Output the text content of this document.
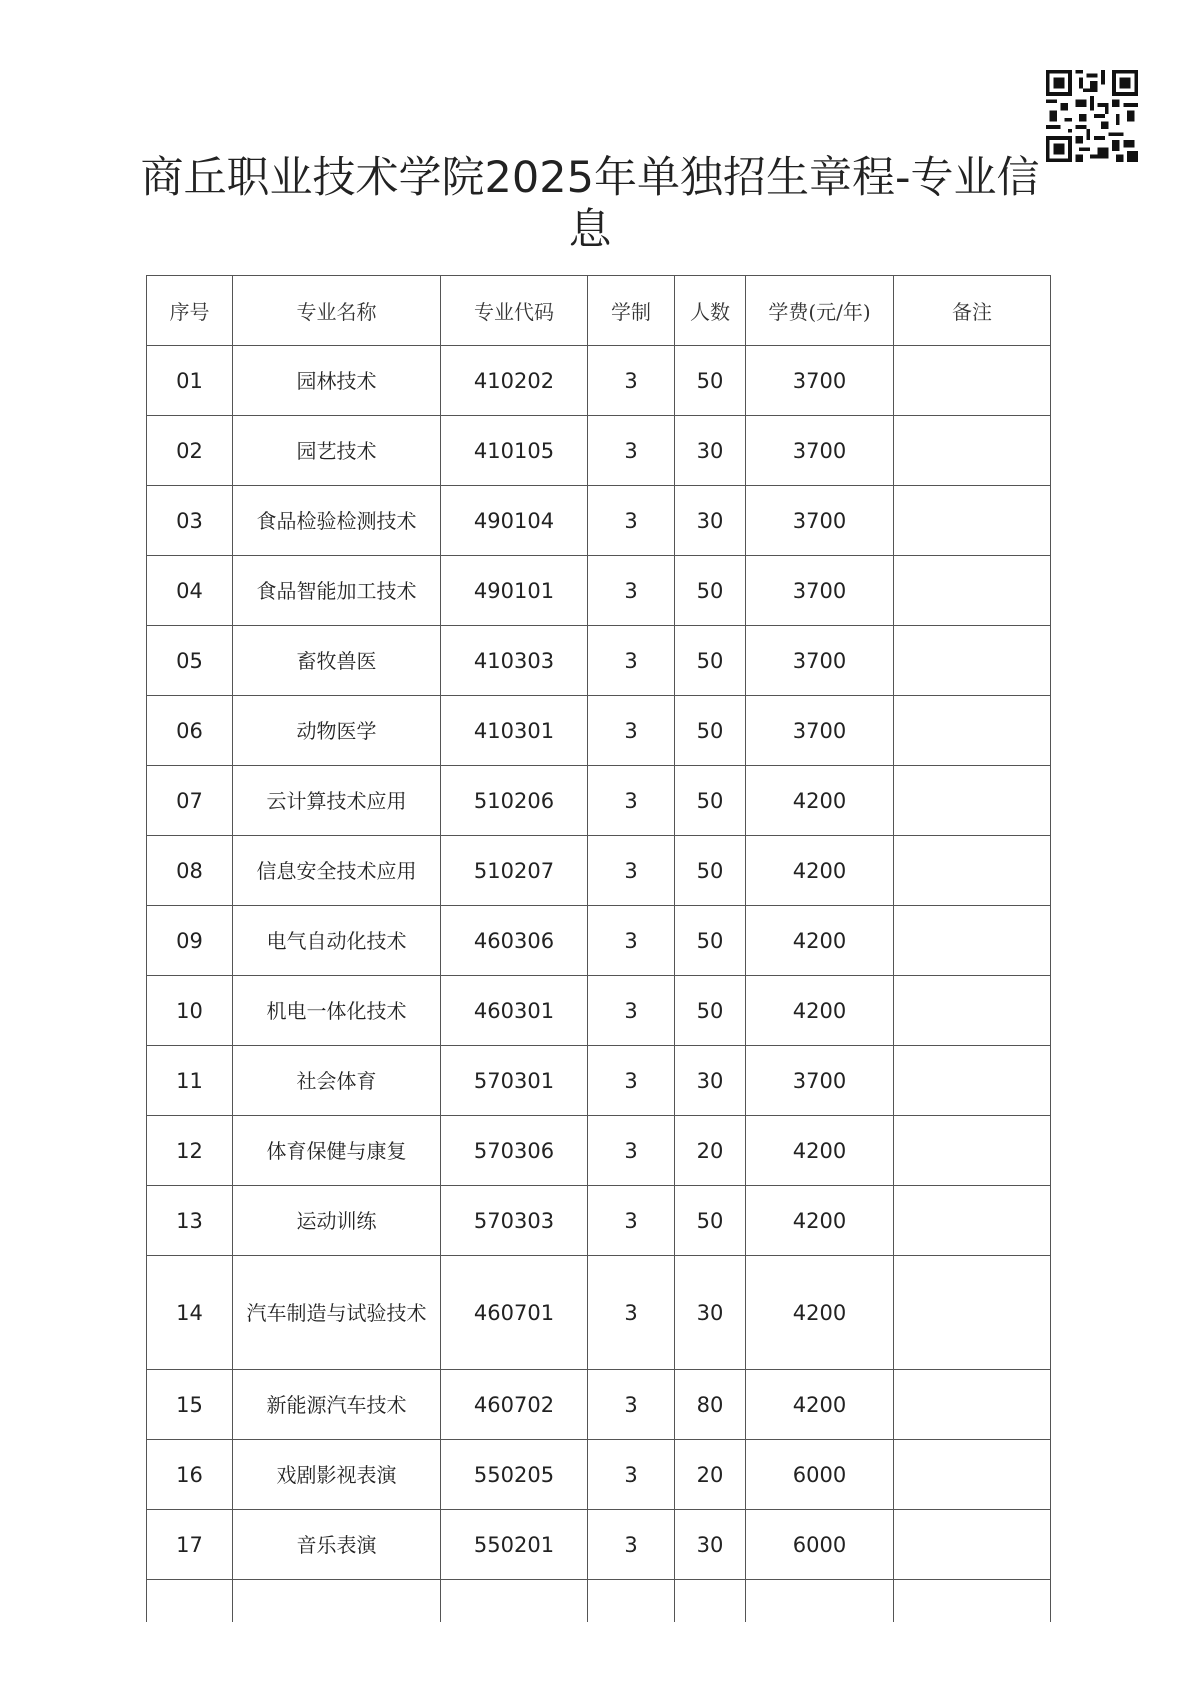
商丘职业技术学院2025年单独招生章程-专业信息
序号	专业名称	专业代码	学制	人数	学费(元/年)	备注
01	园林技术	410202	3	50	3700	
02	园艺技术	410105	3	30	3700	
03	食品检验检测技术	490104	3	30	3700	
04	食品智能加工技术	490101	3	50	3700	
05	畜牧兽医	410303	3	50	3700	
06	动物医学	410301	3	50	3700	
07	云计算技术应用	510206	3	50	4200	
08	信息安全技术应用	510207	3	50	4200	
09	电气自动化技术	460306	3	50	4200	
10	机电一体化技术	460301	3	50	4200	
11	社会体育	570301	3	30	3700	
12	体育保健与康复	570306	3	20	4200	
13	运动训练	570303	3	50	4200	
14	汽车制造与试验技术	460701	3	30	4200	
15	新能源汽车技术	460702	3	80	4200	
16	戏剧影视表演	550205	3	20	6000	
17	音乐表演	550201	3	30	6000	
